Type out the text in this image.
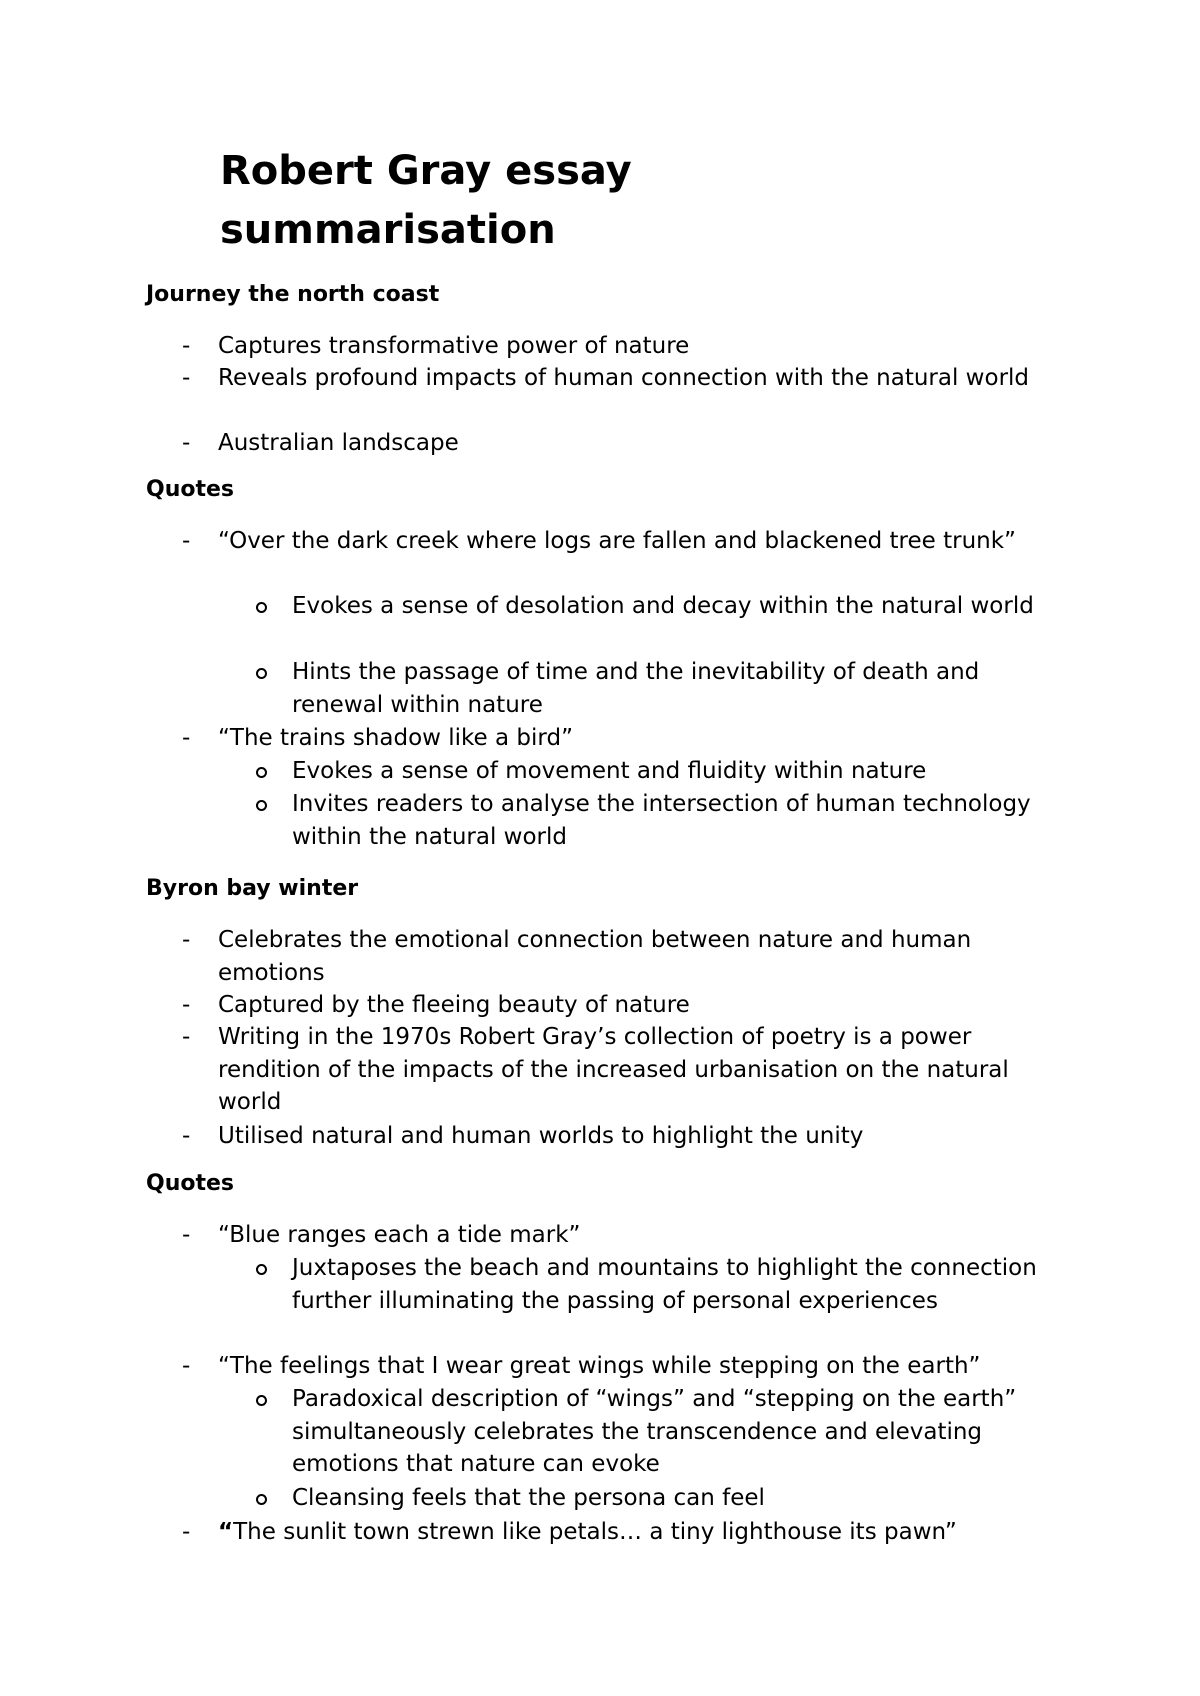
Robert Gray essay summarisation
Journey the north coast
- Captures transformative power of nature
- Reveals profound impacts of human connection with the natural world
- Australian landscape
Quotes
- “Over the dark creek where logs are fallen and blackened tree trunk”
Evokes a sense of desolation and decay within the natural world
Hints the passage of time and the inevitability of death and renewal within nature
- “The trains shadow like a bird”
Evokes a sense of movement and fluidity within nature
Invites readers to analyse the intersection of human technology within the natural world
Byron bay winter
- Celebrates the emotional connection between nature and human emotions
- Captured by the fleeing beauty of nature
- Writing in the 1970s Robert Gray’s collection of poetry is a power rendition of the impacts of the increased urbanisation on the natural world
- Utilised natural and human worlds to highlight the unity
Quotes
- “Blue ranges each a tide mark”
Juxtaposes the beach and mountains to highlight the connection further illuminating the passing of personal experiences
- “The feelings that I wear great wings while stepping on the earth”
Paradoxical description of “wings” and “stepping on the earth” simultaneously celebrates the transcendence and elevating emotions that nature can evoke
Cleansing feels that the persona can feel
- “The sunlit town strewn like petals… a tiny lighthouse its pawn”
